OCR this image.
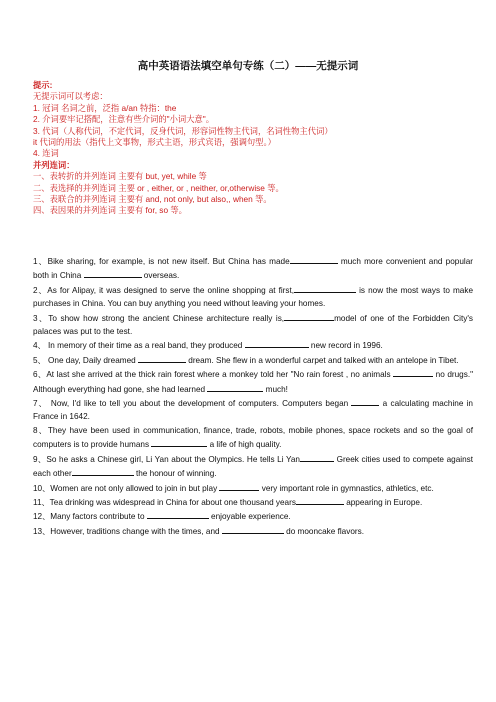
高中英语语法填空单句专练（二）——无提示词
提示:
无提示词可以考虑：
1. 冠词 名词之前，泛指 a/an 特指：the
2. 介词要牢记搭配，注意有些介词的"小词大意"。
3. 代词（人称代词，不定代词，反身代词，形容词性物主代词，名词性物主代词）
it 代词的用法（指代上文事物，形式主语，形式宾语，强调句型。）
4. 连词
并列连词：
一、表转折的并列连词 主要有 but, yet, while 等
二、表选择的并列连词 主要 or , either, or , neither, or,otherwise 等。
三、表联合的并列连词 主要有 and, not only, but also,, when 等。
四、表因果的并列连词 主要有 for, so 等。

1、Bike sharing, for example, is not new itself. But China has made	much more convenient and popular both in China	overseas.

2、As for Alipay, it was designed to serve the online shopping at first,	is now the most ways to make purchases in China. You can buy anything you need without leaving your homes.

3、To show how strong the ancient Chinese architecture really is,	model of one of the Forbidden City's palaces was put to the test.

4、 In memory of their time as a real band, they produced	new record in 1996.

5、 One day, Daily dreamed	dream. She flew in a wonderful carpet and talked with an antelope in Tibet.

6、At last she arrived at the thick rain forest where a monkey told her "No rain forest , no animals	no drugs." Although everything had gone, she had learned	much!

7、 Now, I'd like to tell you about the development of computers. Computers began	a calculating machine in France in 1642.

8、They have been used in communication, finance, trade, robots, mobile phones, space rockets and so the goal of computers is to provide humans	a life of high quality.

9、So he asks a Chinese girl, Li Yan about the Olympics. He tells Li Yan	Greek cities used to compete against each other	the honour of winning.

10、Women are not only allowed to join in but play	very important role in gymnastics, athletics, etc.

11、Tea drinking was widespread in China for about one thousand years	appearing in Europe.

12、Many factors contribute to	enjoyable experience.

13、However, traditions change with the times, and	do mooncake flavors.
